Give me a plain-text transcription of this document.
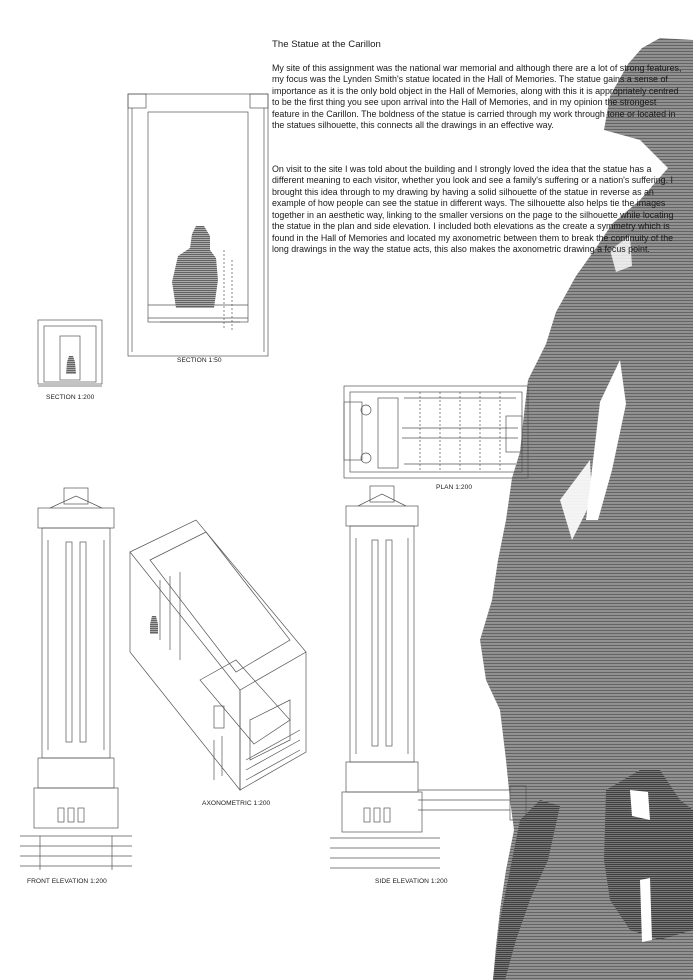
The Statue at the Carillon

My site of this assignment was the national war memorial and although there are a lot of strong features, my focus was the Lynden Smith's statue located in the Hall of Memories. The statue gains a sense of importance as it is the only bold object in the Hall of Memories, along with this it is appropriately centred to be the first thing you see upon arrival into the Hall of Memories, and in my opinion the strongest feature in the Carillon. The boldness of the statue is carried through my work through tone or located in the statues silhouette, this connects all the drawings in an effective way.

On visit to the site I was told about the building and I strongly loved the idea that the statue has a different meaning to each visitor, whether you look and see a family's suffering or a nation's suffering. I brought this idea through to my drawing by having a solid silhouette of the statue in reverse as an example of how people can see the statue in different ways. The silhouette also helps tie the images together in an aesthetic way, linking to the smaller versions on the page to the silhouette while locating the statue in the plan and side elevation. I included both elevations as the create a symmetry which is found in the Hall of Memories and located my axonometric between them to break the continuity of the long drawings in the way the statue acts, this also makes the axonometric drawing a focus point.

SECTION 1:50
SECTION 1:200
PLAN 1:200
AXONOMETRIC 1:200
FRONT ELEVATION 1:200	SIDE ELEVATION 1:200
